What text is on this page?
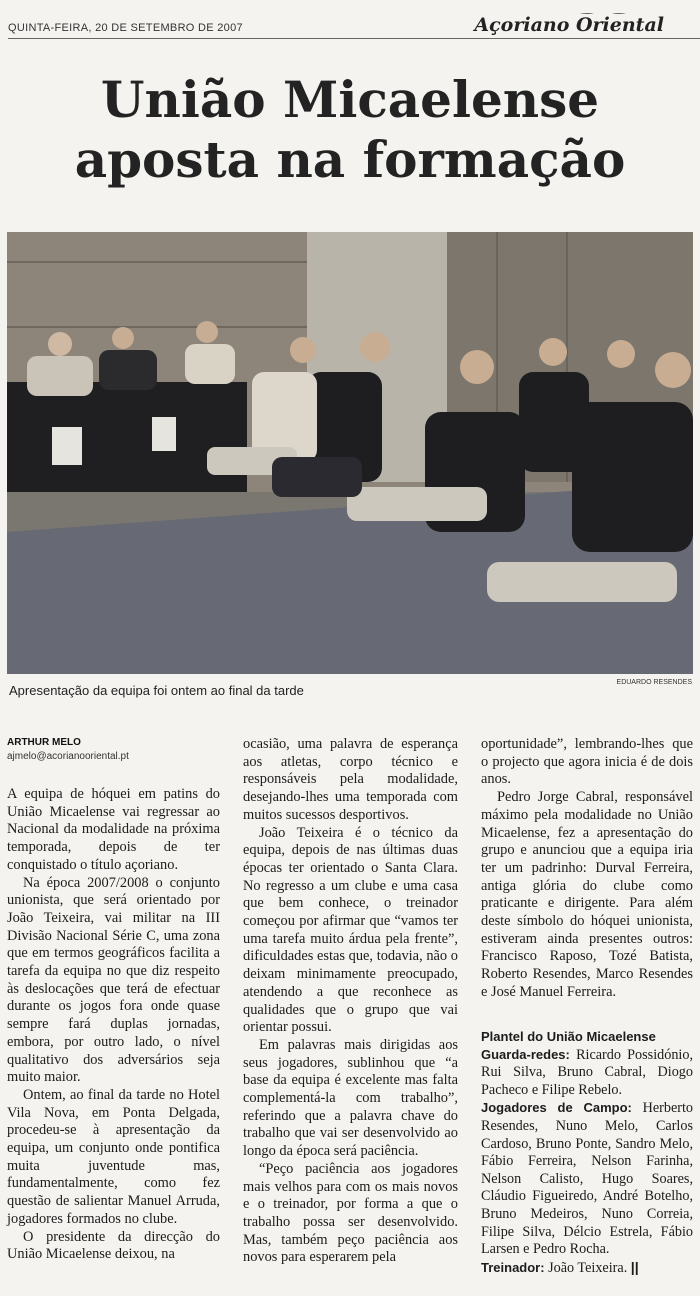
QUINTA-FEIRA, 20 DE SETEMBRO DE 2007	Açoriano Oriental
União Micaelense
aposta na formação
Apresentação da equipa foi ontem ao final da tarde
EDUARDO RESENDES
ARTHUR MELO
ajmelo@acorianooriental.pt

A equipa de hóquei em patins do União Micaelense vai regressar ao Nacional da modalidade na próxima temporada, depois de ter conquistado o título açoriano.

Na época 2007/2008 o conjunto unionista, que será orientado por João Teixeira, vai militar na III Divisão Nacional Série C, uma zona que em termos geográficos facilita a tarefa da equipa no que diz respeito às deslocações que terá de efectuar durante os jogos fora onde quase sempre fará duplas jornadas, embora, por outro lado, o nível qualitativo dos adversários seja muito maior.

Ontem, ao final da tarde no Hotel Vila Nova, em Ponta Delgada, procedeu-se à apresentação da equipa, um conjunto onde pontifica muita juventude mas, fundamentalmente, como fez questão de salientar Manuel Arruda, jogadores formados no clube.

O presidente da direcção do União Micaelense deixou, na

ocasião, uma palavra de esperança aos atletas, corpo técnico e responsáveis pela modalidade, desejando-lhes uma temporada com muitos sucessos desportivos.

João Teixeira é o técnico da equipa, depois de nas últimas duas épocas ter orientado o Santa Clara. No regresso a um clube e uma casa que bem conhece, o treinador começou por afirmar que “vamos ter uma tarefa muito árdua pela frente”, dificuldades estas que, todavia, não o deixam minimamente preocupado, atendendo a que reconhece as qualidades que o grupo que vai orientar possui.

Em palavras mais dirigidas aos seus jogadores, sublinhou que “a base da equipa é excelente mas falta complementá-la com trabalho”, referindo que a palavra chave do trabalho que vai ser desenvolvido ao longo da época será paciência.

“Peço paciência aos jogadores mais velhos para com os mais novos e o treinador, por forma a que o trabalho possa ser desenvolvido. Mas, também peço paciência aos novos para esperarem pela

oportunidade”, lembrando-lhes que o projecto que agora inicia é de dois anos.

Pedro Jorge Cabral, responsável máximo pela modalidade no União Micaelense, fez a apresentação do grupo e anunciou que a equipa iria ter um padrinho: Durval Ferreira, antiga glória do clube como praticante e dirigente. Para além deste símbolo do hóquei unionista, estiveram ainda presentes outros: Francisco Raposo, Tozé Batista, Roberto Resendes, Marco Resendes e José Manuel Ferreira.

Plantel do União Micaelense
Guarda-redes: Ricardo Possidónio, Rui Silva, Bruno Cabral, Diogo Pacheco e Filipe Rebelo.
Jogadores de Campo: Herberto Resendes, Nuno Melo, Carlos Cardoso, Bruno Ponte, Sandro Melo, Fábio Ferreira, Nelson Farinha, Nelson Calisto, Hugo Soares, Cláudio Figueiredo, André Botelho, Bruno Medeiros, Nuno Correia, Filipe Silva, Délcio Estrela, Fábio Larsen e Pedro Rocha.
Treinador: João Teixeira. ||
